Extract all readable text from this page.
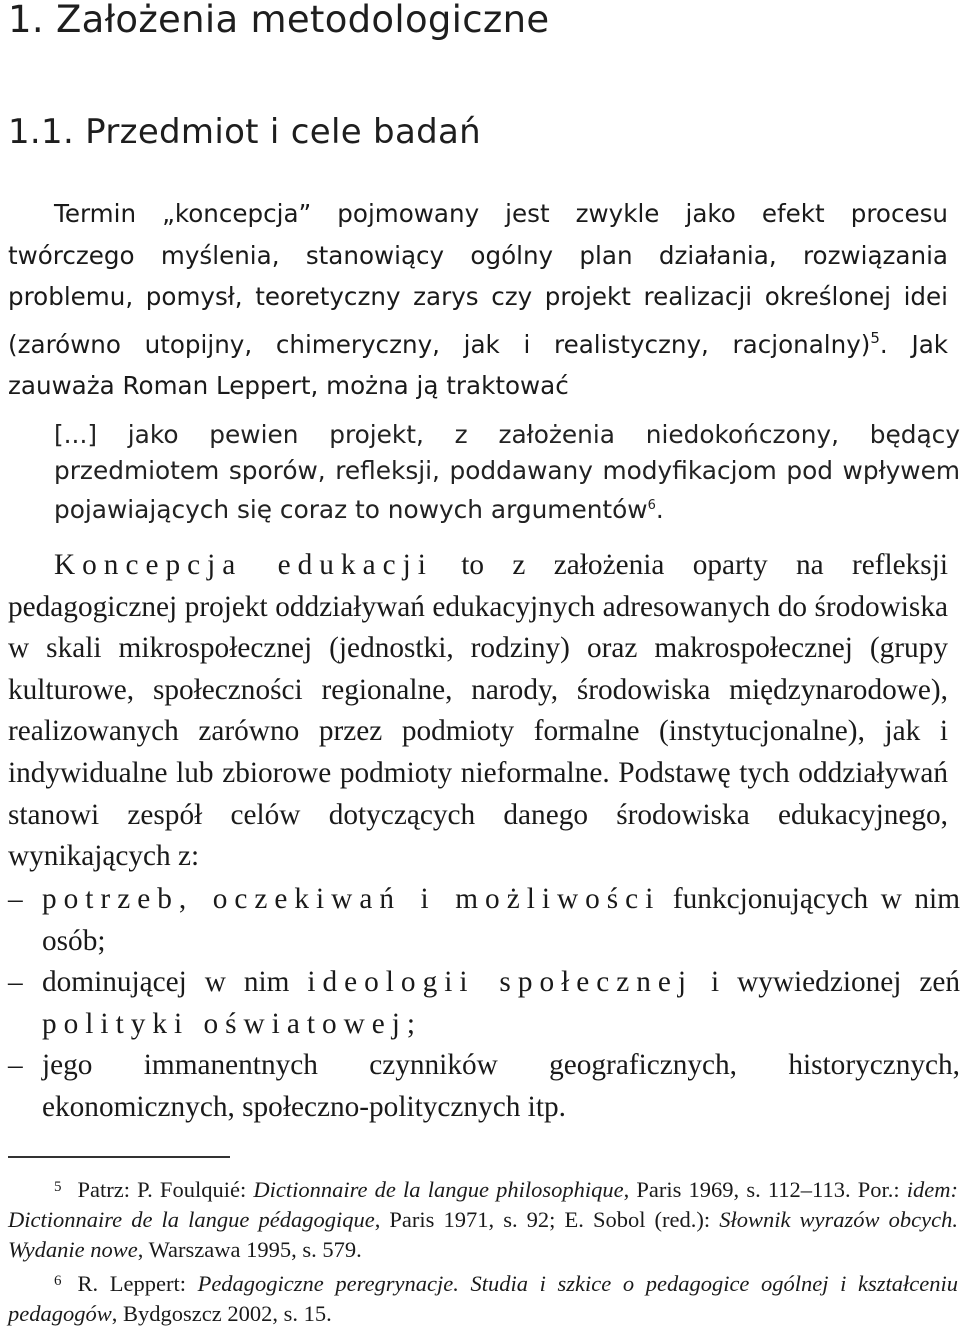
1. Założenia metodologiczne
1.1. Przedmiot i cele badań

Termin „koncepcja” pojmowany jest zwykle jako efekt procesu twórczego myślenia, stanowiący ogólny plan działania, rozwiązania problemu, pomysł, teoretyczny zarys czy projekt realizacji określonej idei (zarówno utopijny, chimeryczny, jak i realistyczny, racjonalny)$^5$. Jak zauważa Roman Leppert, można ją traktować

[...] jako pewien projekt, z założenia niedokończony, będący przedmiotem sporów, refleksji, poddawany modyfikacjom pod wpływem pojawiających się coraz to nowych argumentów$^6$.

Koncepcja edukacji to z założenia oparty na refleksji pedagogicznej projekt oddziaływań edukacyjnych adresowanych do środowiska w skali mikrospołecznej (jednostki, rodziny) oraz makrospołecznej (grupy kulturowe, społeczności regionalne, narody, środowiska międzynarodowe), realizowanych zarówno przez podmioty formalne (instytucjonalne), jak i indywidualne lub zbiorowe podmioty nieformalne. Podstawę tych oddziaływań stanowi zespół celów dotyczących danego środowiska edukacyjnego, wynikających z:

– potrzeb, oczekiwań i możliwości funkcjonujących w nim osób;
– dominującej w nim ideologii społecznej i wywiedzionej zeń polityki oświatowej;
– jego immanentnych czynników geograficznych, historycznych, ekonomicznych, społeczno-politycznych itp.

$^5$ Patrz: P. Foulquié: Dictionnaire de la langue philosophique, Paris 1969, s. 112–113. Por.: idem: Dictionnaire de la langue pédagogique, Paris 1971, s. 92; E. Sobol (red.): Słownik wyrazów obcych. Wydanie nowe, Warszawa 1995, s. 579.

$^6$ R. Leppert: Pedagogiczne peregrynacje. Studia i szkice o pedagogice ogólnej i kształceniu pedagogów, Bydgoszcz 2002, s. 15.
